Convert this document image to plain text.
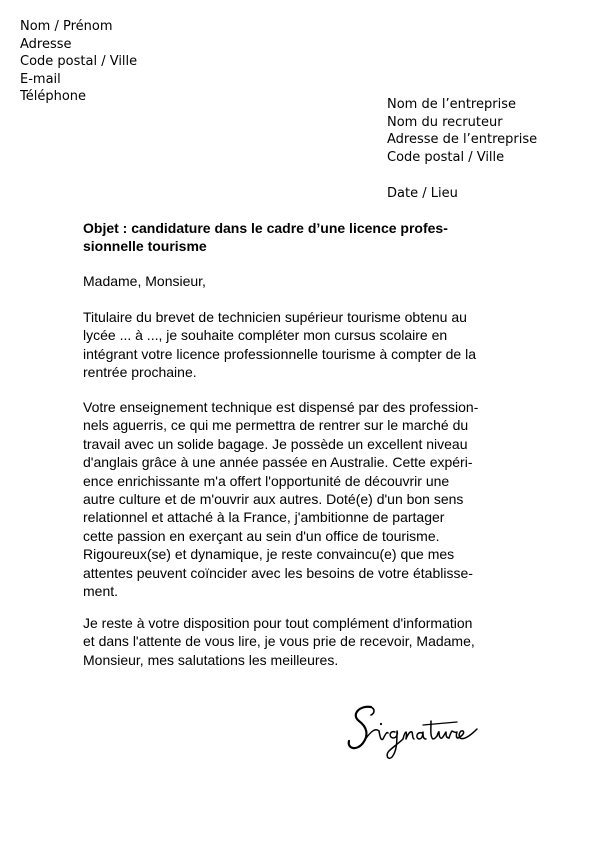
Nom / Prénom
Adresse
Code postal / Ville
E-mail
Téléphone
Nom de l’entreprise
Nom du recruteur
Adresse de l’entreprise
Code postal / Ville
Date / Lieu
Objet : candidature dans le cadre d’une licence profes-
sionnelle tourisme
Madame, Monsieur,
Titulaire du brevet de technicien supérieur tourisme obtenu au
lycée ... à ..., je souhaite compléter mon cursus scolaire en
intégrant votre licence professionnelle tourisme à compter de la
rentrée prochaine.
Votre enseignement technique est dispensé par des profession-
nels aguerris, ce qui me permettra de rentrer sur le marché du
travail avec un solide bagage. Je possède un excellent niveau
d'anglais grâce à une année passée en Australie. Cette expéri-
ence enrichissante m'a offert l'opportunité de découvrir une
autre culture et de m'ouvrir aux autres. Doté(e) d'un bon sens
relationnel et attaché à la France, j'ambitionne de partager
cette passion en exerçant au sein d'un office de tourisme.
Rigoureux(se) et dynamique, je reste convaincu(e) que mes
attentes peuvent coïncider avec les besoins de votre établisse-
ment.
Je reste à votre disposition pour tout complément d'information
et dans l'attente de vous lire, je vous prie de recevoir, Madame,
Monsieur, mes salutations les meilleures.
